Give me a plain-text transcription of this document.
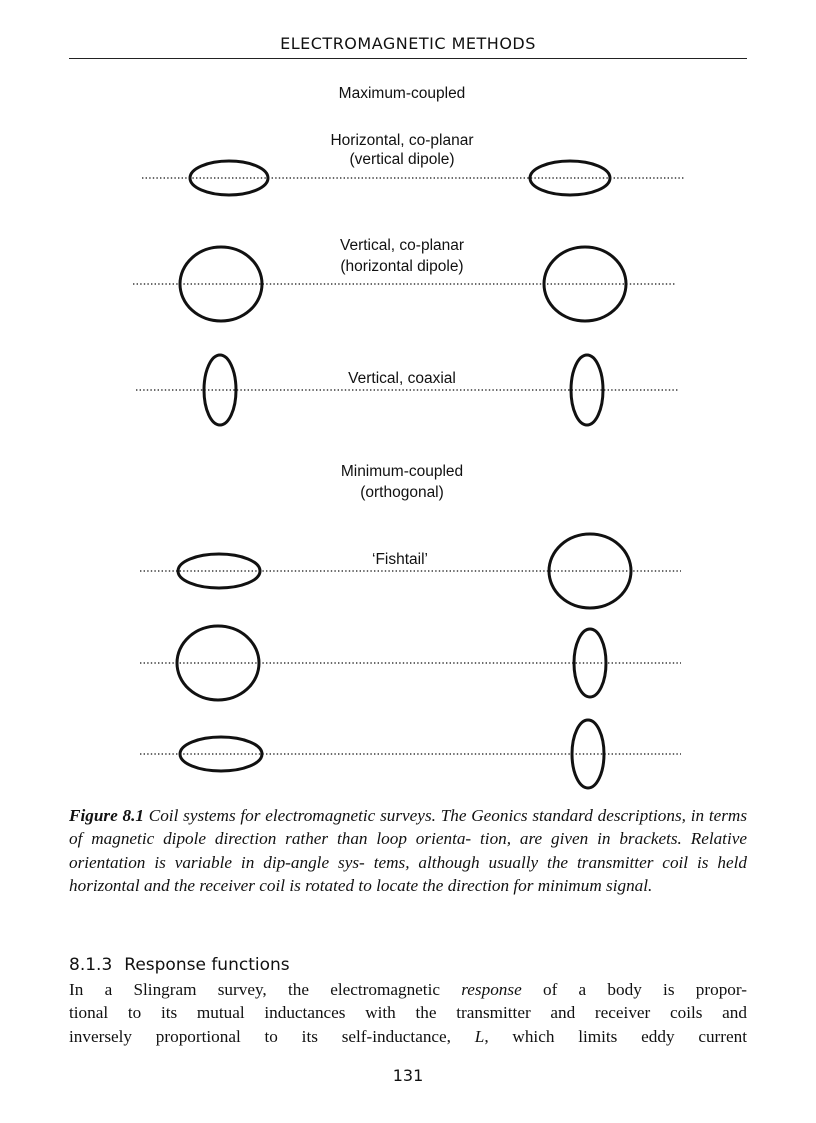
ELECTROMAGNETIC METHODS
Maximum-coupled
Horizontal, co-planar
(vertical dipole)
Vertical, co-planar
(horizontal dipole)
Vertical, coaxial
Minimum-coupled
(orthogonal)
‘Fishtail’
Figure 8.1 Coil systems for electromagnetic surveys. The Geonics standard descriptions, in terms of magnetic dipole direction rather than loop orienta- tion, are given in brackets. Relative orientation is variable in dip-angle sys- tems, although usually the transmitter coil is held horizontal and the receiver coil is rotated to locate the direction for minimum signal.
8.1.3 Response functions
In a Slingram survey, the electromagnetic response of a body is propor-
tional to its mutual inductances with the transmitter and receiver coils and
inversely proportional to its self-inductance, L, which limits eddy current
131
